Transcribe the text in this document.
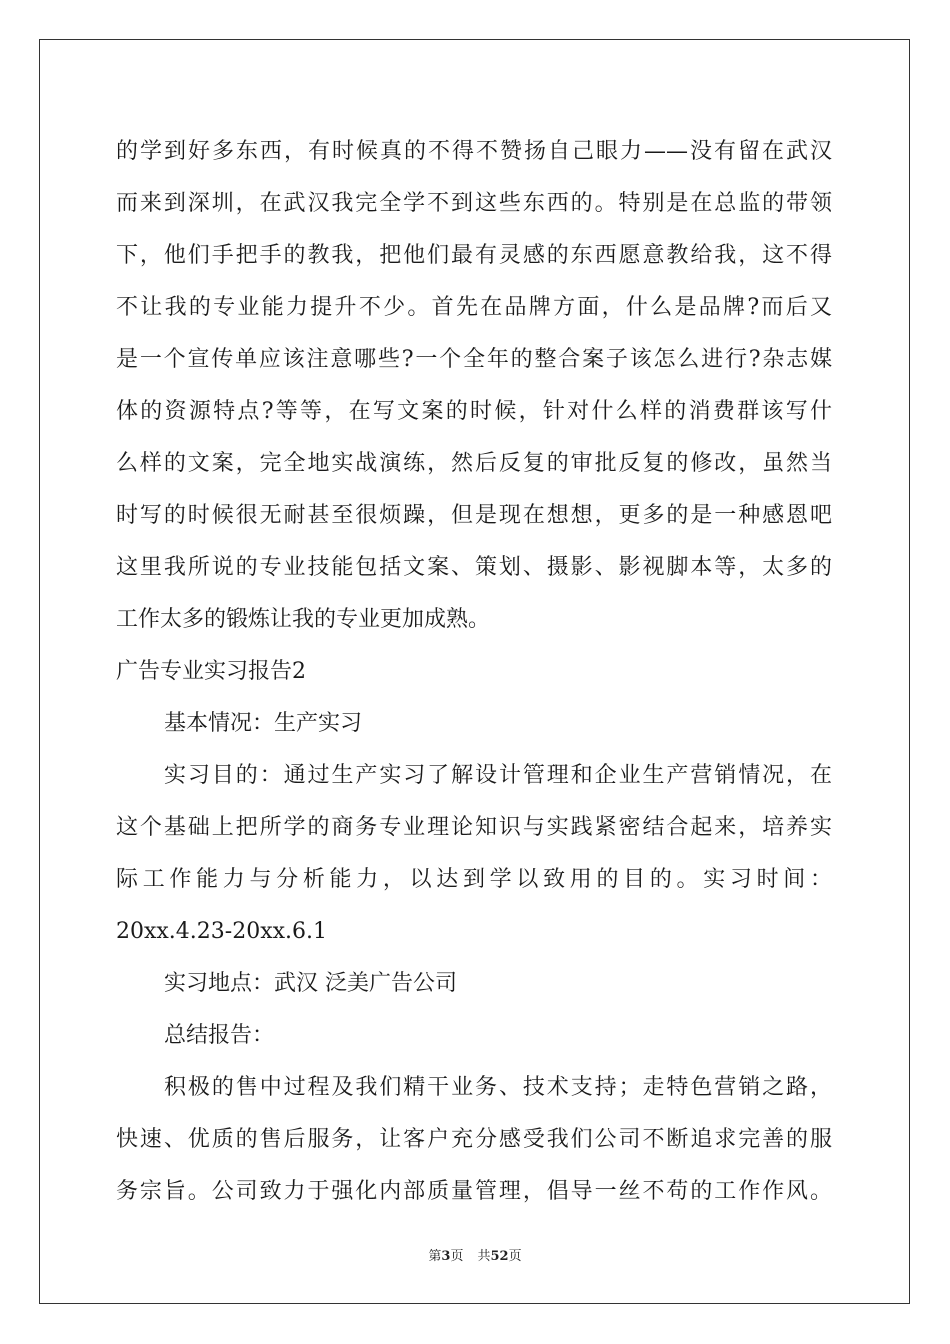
的学到好多东西，有时候真的不得不赞扬自己眼力——没有留在武汉
而来到深圳，在武汉我完全学不到这些东西的。特别是在总监的带领
下，他们手把手的教我，把他们最有灵感的东西愿意教给我，这不得
不让我的专业能力提升不少。首先在品牌方面，什么是品牌?而后又
是一个宣传单应该注意哪些?一个全年的整合案子该怎么进行?杂志媒
体的资源特点?等等，在写文案的时候，针对什么样的消费群该写什
么样的文案，完全地实战演练，然后反复的审批反复的修改，虽然当
时写的时候很无耐甚至很烦躁，但是现在想想，更多的是一种感恩吧
这里我所说的专业技能包括文案、策划、摄影、影视脚本等，太多的
工作太多的锻炼让我的专业更加成熟。
广告专业实习报告2
基本情况：生产实习
实习目的：通过生产实习了解设计管理和企业生产营销情况，在
这个基础上把所学的商务专业理论知识与实践紧密结合起来，培养实
际工作能力与分析能力，以达到学以致用的目的。实习时间：
20xx.4.23-20xx.6.1
实习地点：武汉 泛美广告公司
总结报告：
积极的售中过程及我们精干业务、技术支持；走特色营销之路，
快速、优质的售后服务，让客户充分感受我们公司不断追求完善的服
务宗旨。公司致力于强化内部质量管理，倡导一丝不苟的工作作风。
第3页 共52页
